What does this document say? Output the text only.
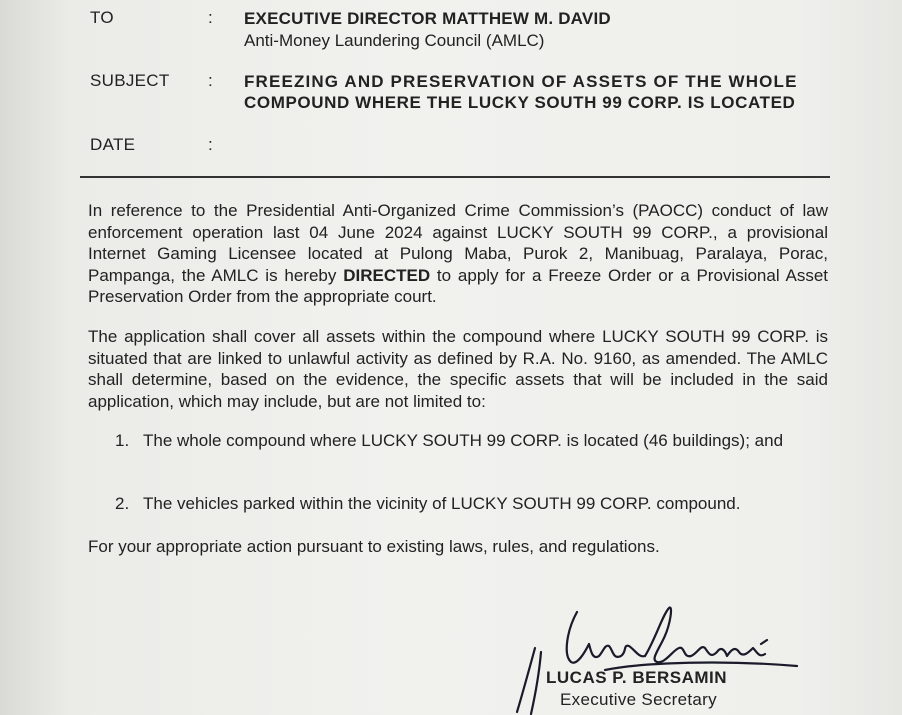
TO	: EXECUTIVE DIRECTOR MATTHEW M. DAVID
Anti-Money Laundering Council (AMLC)
SUBJECT : FREEZING AND PRESERVATION OF ASSETS OF THE WHOLE
COMPOUND WHERE THE LUCKY SOUTH 99 CORP. IS LOCATED
DATE	:
In reference to the Presidential Anti-Organized Crime Commission’s (PAOCC) conduct of law enforcement operation last 04 June 2024 against LUCKY SOUTH 99 CORP., a provisional Internet Gaming Licensee located at Pulong Maba, Purok 2, Manibuag, Paralaya, Porac, Pampanga, the AMLC is hereby DIRECTED to apply for a Freeze Order or a Provisional Asset Preservation Order from the appropriate court.
The application shall cover all assets within the compound where LUCKY SOUTH 99 CORP. is situated that are linked to unlawful activity as defined by R.A. No. 9160, as amended. The AMLC shall determine, based on the evidence, the specific assets that will be included in the said application, which may include, but are not limited to:
1. The whole compound where LUCKY SOUTH 99 CORP. is located (46 buildings); and
2. The vehicles parked within the vicinity of LUCKY SOUTH 99 CORP. compound.
For your appropriate action pursuant to existing laws, rules, and regulations.
LUCAS P. BERSAMIN
Executive Secretary
